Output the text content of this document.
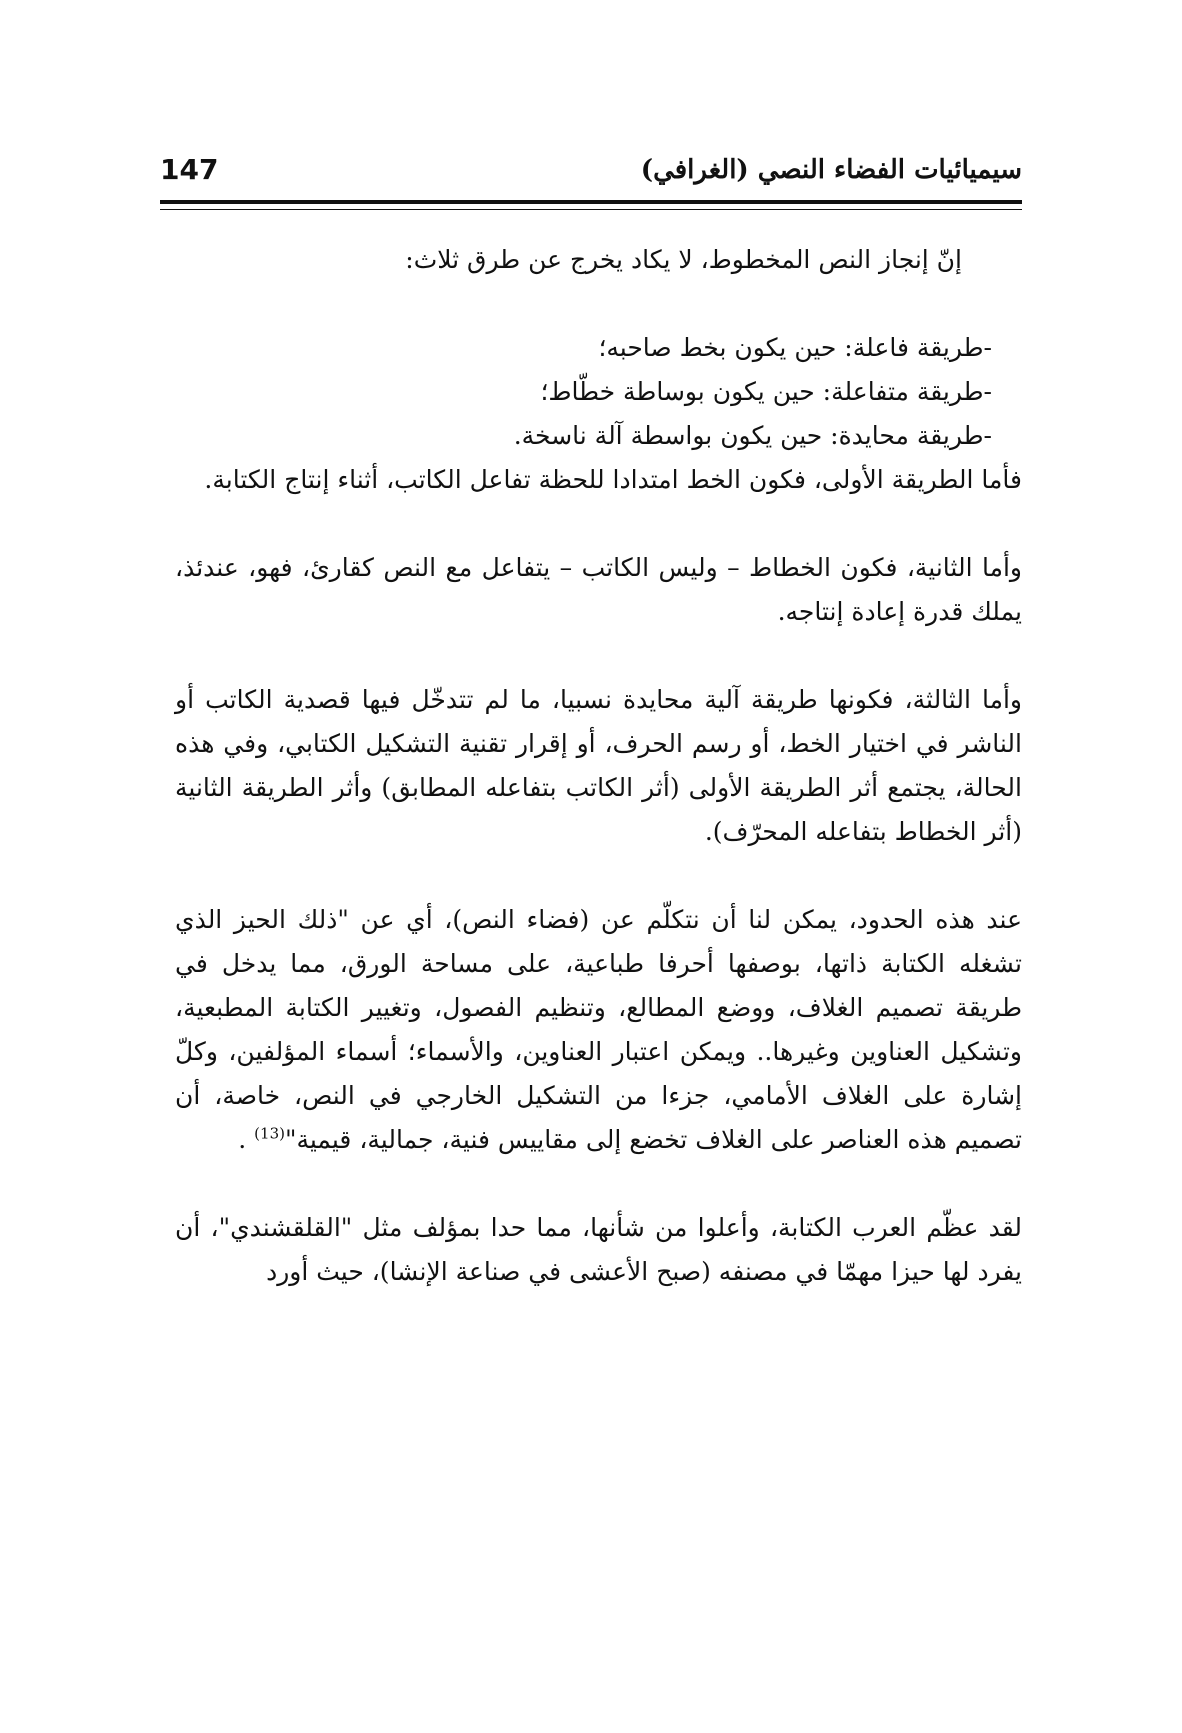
147	سيميائيات الفضاء النصي (الغرافي)

إنّ إنجاز النص المخطوط، لا يكاد يخرج عن طرق ثلاث:

-طريقة فاعلة: حين يكون بخط صاحبه؛

-طريقة متفاعلة: حين يكون بوساطة خطّاط؛

-طريقة محايدة: حين يكون بواسطة آلة ناسخة.

فأما الطريقة الأولى، فكون الخط امتدادا للحظة تفاعل الكاتب، أثناء إنتاج الكتابة.

وأما الثانية، فكون الخطاط – وليس الكاتب – يتفاعل مع النص كقارئ، فهو، عندئذ، يملك قدرة إعادة إنتاجه.

وأما الثالثة، فكونها طريقة آلية محايدة نسبيا، ما لم تتدخّل فيها قصدية الكاتب أو الناشر في اختيار الخط، أو رسم الحرف، أو إقرار تقنية التشكيل الكتابي، وفي هذه الحالة، يجتمع أثر الطريقة الأولى (أثر الكاتب بتفاعله المطابق) وأثر الطريقة الثانية (أثر الخطاط بتفاعله المحرّف).

عند هذه الحدود، يمكن لنا أن نتكلّم عن (فضاء النص)، أي عن "ذلك الحيز الذي تشغله الكتابة ذاتها، بوصفها أحرفا طباعية، على مساحة الورق، مما يدخل في طريقة تصميم الغلاف، ووضع المطالع، وتنظيم الفصول، وتغيير الكتابة المطبعية، وتشكيل العناوين وغيرها.. ويمكن اعتبار العناوين، والأسماء؛ أسماء المؤلفين، وكلّ إشارة على الغلاف الأمامي، جزءا من التشكيل الخارجي في النص، خاصة، أن تصميم هذه العناصر على الغلاف تخضع إلى مقاييس فنية، جمالية، قيمية"$^{(13)}$ .

لقد عظّم العرب الكتابة، وأعلوا من شأنها، مما حدا بمؤلف مثل "القلقشندي"، أن يفرد لها حيزا مهمّا في مصنفه (صبح الأعشى في صناعة الإنشا)، حيث أورد
